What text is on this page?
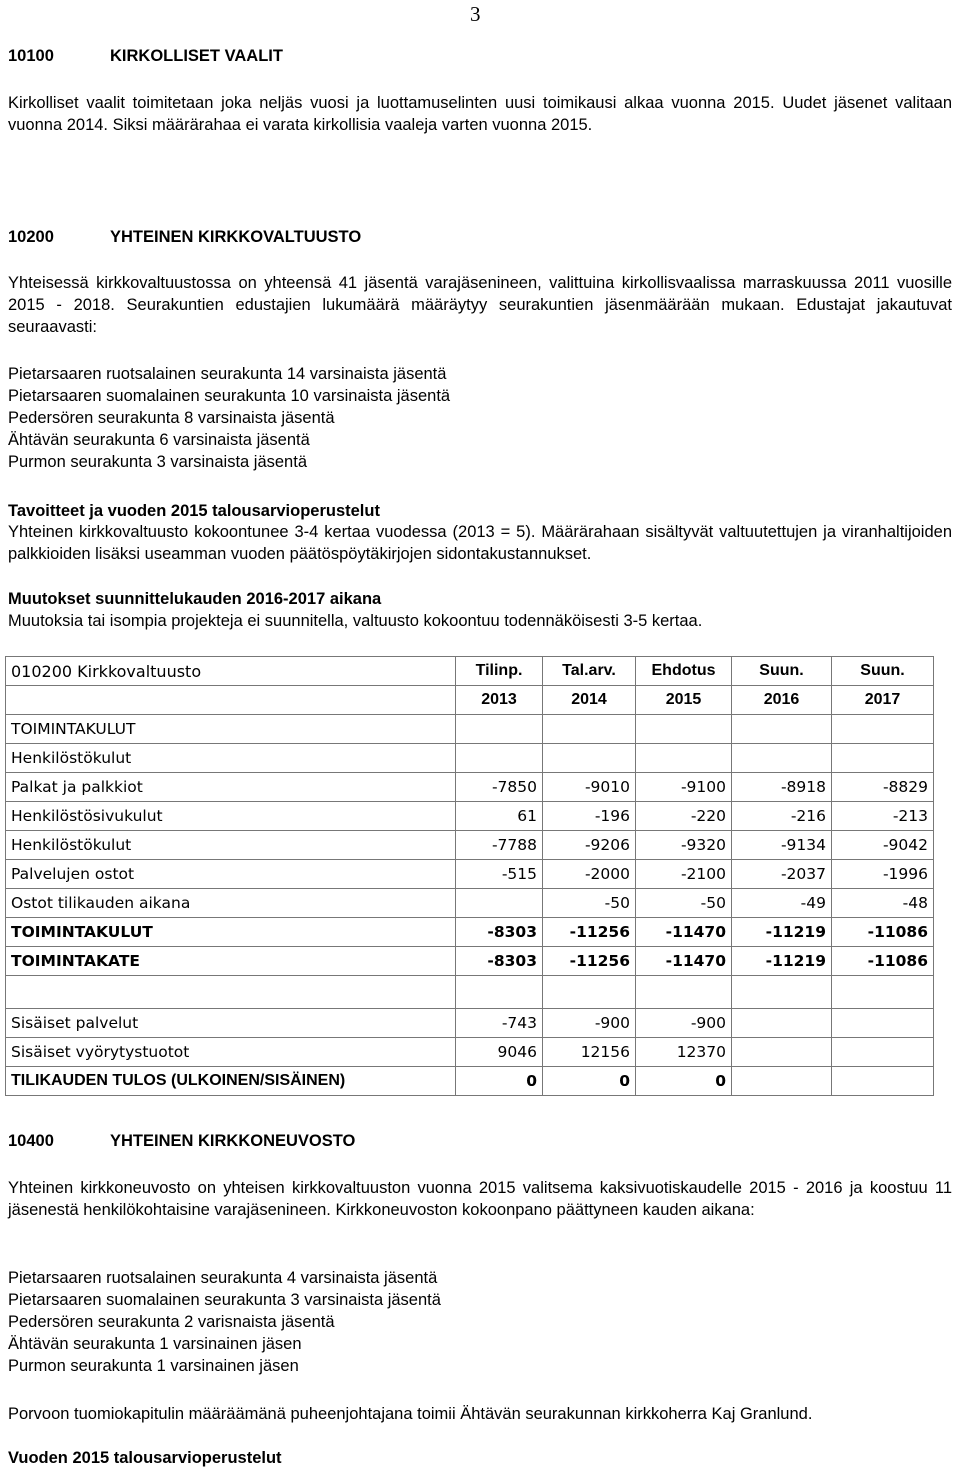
3
10100	KIRKOLLISET VAALIT
Kirkolliset vaalit toimitetaan joka neljäs vuosi ja luottamuselinten uusi toimikausi alkaa vuonna 2015. Uudet jäsenet valitaan vuonna 2014. Siksi määrärahaa ei varata kirkollisia vaaleja varten vuonna 2015.
10200	YHTEINEN KIRKKOVALTUUSTO
Yhteisessä kirkkovaltuustossa on yhteensä 41 jäsentä varajäsenineen, valittuina kirkollisvaalissa marraskuussa 2011 vuosille 2015 - 2018. Seurakuntien edustajien lukumäärä määräytyy seurakuntien jäsenmäärään mukaan. Edustajat jakautuvat seuraavasti:
Pietarsaaren ruotsalainen seurakunta 14 varsinaista jäsentä
Pietarsaaren suomalainen seurakunta 10 varsinaista jäsentä
Pedersören seurakunta 8 varsinaista jäsentä
Ähtävän seurakunta 6 varsinaista jäsentä
Purmon seurakunta 3 varsinaista jäsentä
Tavoitteet ja vuoden 2015 talousarvioperustelut
Yhteinen kirkkovaltuusto kokoontunee 3-4 kertaa vuodessa (2013 = 5). Määrärahaan sisältyvät valtuutettujen ja viranhaltijoiden palkkioiden lisäksi useamman vuoden päätöspöytäkirjojen sidontakustannukset.
Muutokset suunnittelukauden 2016-2017 aikana
Muutoksia tai isompia projekteja ei suunnitella, valtuusto kokoontuu todennäköisesti 3-5 kertaa.
010200 Kirkkovaltuusto	Tilinp.	Tal.arv.	Ehdotus	Suun.	Suun.
	2013	2014	2015	2016	2017
TOIMINTAKULUT					
Henkilöstökulut					
Palkat ja palkkiot	-7850	-9010	-9100	-8918	-8829
Henkilöstösivukulut	61	-196	-220	-216	-213
Henkilöstökulut	-7788	-9206	-9320	-9134	-9042
Palvelujen ostot	-515	-2000	-2100	-2037	-1996
Ostot tilikauden aikana		-50	-50	-49	-48
TOIMINTAKULUT	-8303	-11256	-11470	-11219	-11086
TOIMINTAKATE	-8303	-11256	-11470	-11219	-11086

Sisäiset palvelut	-743	-900	-900		
Sisäiset vyörytystuotot	9046	12156	12370		
TILIKAUDEN TULOS (ULKOINEN/SISÄINEN)	0	0	0		
10400	YHTEINEN KIRKKONEUVOSTO
Yhteinen kirkkoneuvosto on yhteisen kirkkovaltuuston vuonna 2015 valitsema kaksivuotiskaudelle 2015 - 2016 ja koostuu 11 jäsenestä henkilökohtaisine varajäsenineen. Kirkkoneuvoston kokoonpano päättyneen kauden aikana:
Pietarsaaren ruotsalainen seurakunta 4 varsinaista jäsentä
Pietarsaaren suomalainen seurakunta 3 varsinaista jäsentä
Pedersören seurakunta 2 varisnaista jäsentä
Ähtävän seurakunta 1 varsinainen jäsen
Purmon seurakunta 1 varsinainen jäsen
Porvoon tuomiokapitulin määräämänä puheenjohtajana toimii Ähtävän seurakunnan kirkkoherra Kaj Granlund.
Vuoden 2015 talousarvioperustelut
